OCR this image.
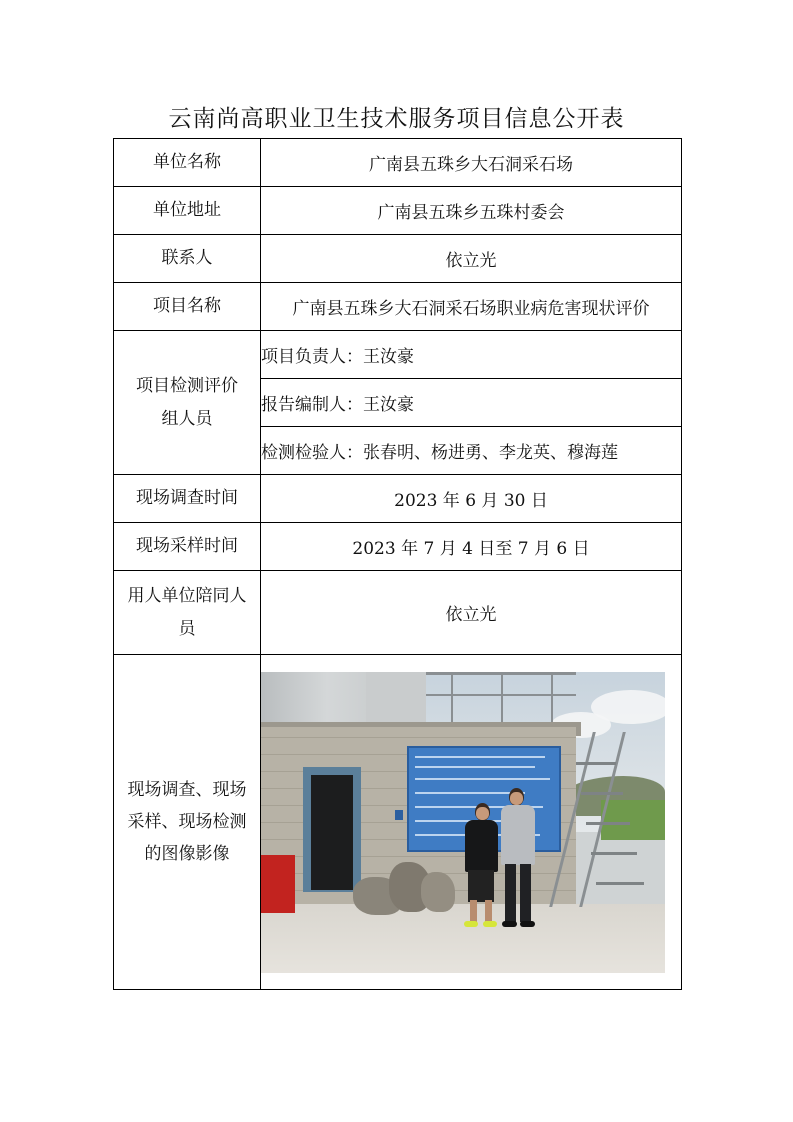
云南尚高职业卫生技术服务项目信息公开表
单位名称	广南县五珠乡大石洞采石场
单位地址	广南县五珠乡五珠村委会
联系人	依立光
项目名称	广南县五珠乡大石洞采石场职业病危害现状评价

项目检测评价
组人员	项目负责人：王汝豪
	报告编制人：王汝豪
	检测检验人：张春明、杨进勇、李龙英、穆海莲
现场调查时间	2023 年 6 月 30 日
现场采样时间	2023 年 7 月 4 日至 7 月 6 日

用人单位陪同人
员	依立光

现场调查、现场
采样、现场检测
的图像影像	
